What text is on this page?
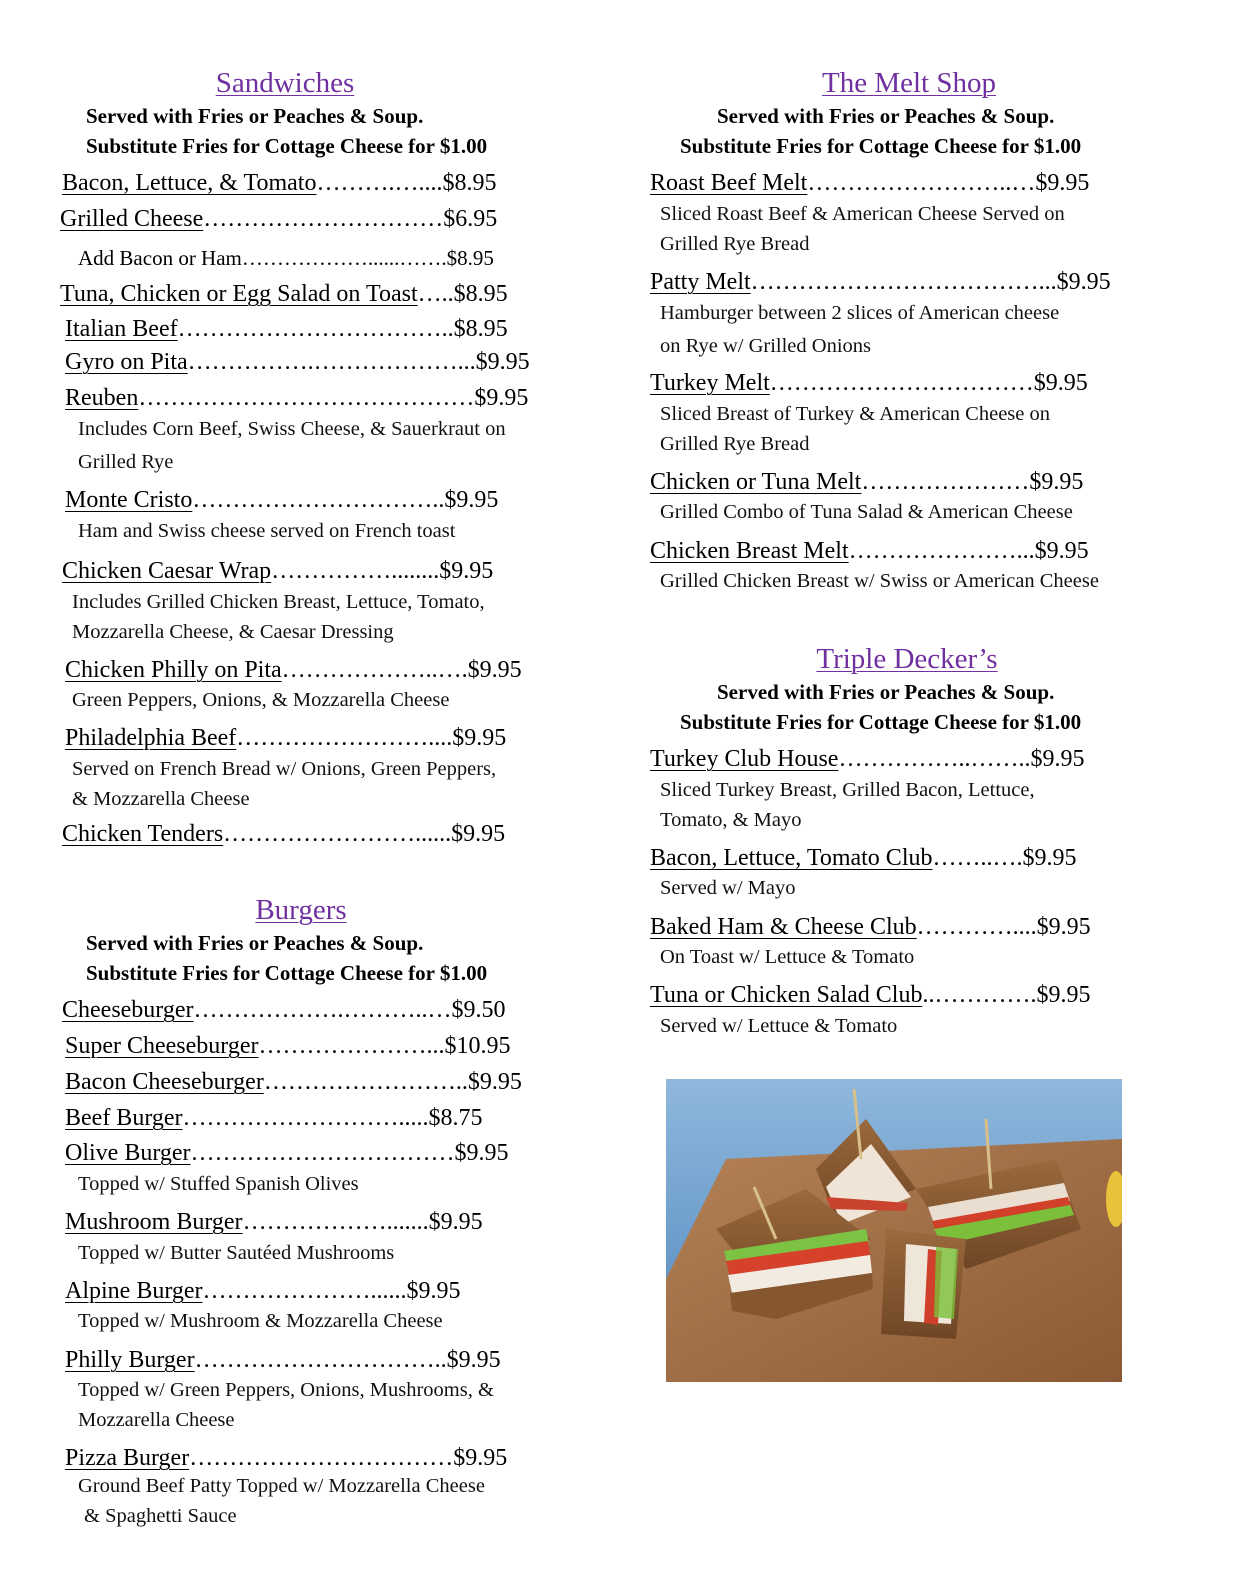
Sandwiches
Served with Fries or Peaches & Soup.
Substitute Fries for Cottage Cheese for $1.00
Bacon, Lettuce, & Tomato……….…....$8.95
Grilled Cheese…………………………$6.95
Add Bacon or Ham………………......…….$8.95
Tuna, Chicken or Egg Salad on Toast…..$8.95
Italian Beef……………………………..$8.95
Gyro on Pita…………….………………...$9.95
Reuben……………………………………$9.95
Includes Corn Beef, Swiss Cheese, & Sauerkraut on
Grilled Rye
Monte Cristo…………………………..$9.95
Ham and Swiss cheese served on French toast
Chicken Caesar Wrap……………........$9.95
Includes Grilled Chicken Breast, Lettuce, Tomato,
Mozzarella Cheese, & Caesar Dressing
Chicken Philly on Pita………………..….$9.95
Green Peppers, Onions, & Mozzarella Cheese
Philadelphia Beef……………………....$9.95
Served on French Bread w/ Onions, Green Peppers,
& Mozzarella Cheese
Chicken Tenders……………………......$9.95
Burgers
Served with Fries or Peaches & Soup.
Substitute Fries for Cottage Cheese for $1.00
Cheeseburger……………….………..…$9.50
Super Cheeseburger…………………...$10.95
Bacon Cheeseburger……………………..$9.95
Beef Burger……………………….....$8.75
Olive Burger……………………………$9.95
Topped w/ Stuffed Spanish Olives
Mushroom Burger……………….......$9.95
Topped w/ Butter Sautéed Mushrooms
Alpine Burger…………………......$9.95
Topped w/ Mushroom & Mozzarella Cheese
Philly Burger…………………………..$9.95
Topped w/ Green Peppers, Onions, Mushrooms, &
Mozzarella Cheese
Pizza Burger……………………………$9.95
Ground Beef Patty Topped w/ Mozzarella Cheese
& Spaghetti Sauce
The Melt Shop
Served with Fries or Peaches & Soup.
Substitute Fries for Cottage Cheese for $1.00
Roast Beef Melt……………………..…$9.95
Sliced Roast Beef & American Cheese Served on
Grilled Rye Bread
Patty Melt………………………………...$9.95
Hamburger between 2 slices of American cheese
on Rye w/ Grilled Onions
Turkey Melt……………………………$9.95
Sliced Breast of Turkey & American Cheese on
Grilled Rye Bread
Chicken or Tuna Melt…………………$9.95
Grilled Combo of Tuna Salad & American Cheese
Chicken Breast Melt…………………...$9.95
Grilled Chicken Breast w/ Swiss or American Cheese
Triple Decker’s
Served with Fries or Peaches & Soup.
Substitute Fries for Cottage Cheese for $1.00
Turkey Club House……………..……..$9.95
Sliced Turkey Breast, Grilled Bacon, Lettuce,
Tomato, & Mayo
Bacon, Lettuce, Tomato Club……..….$9.95
Served w/ Mayo
Baked Ham & Cheese Club…………....$9.95
On Toast w/ Lettuce & Tomato
Tuna or Chicken Salad Club..………….$9.95
Served w/ Lettuce & Tomato
